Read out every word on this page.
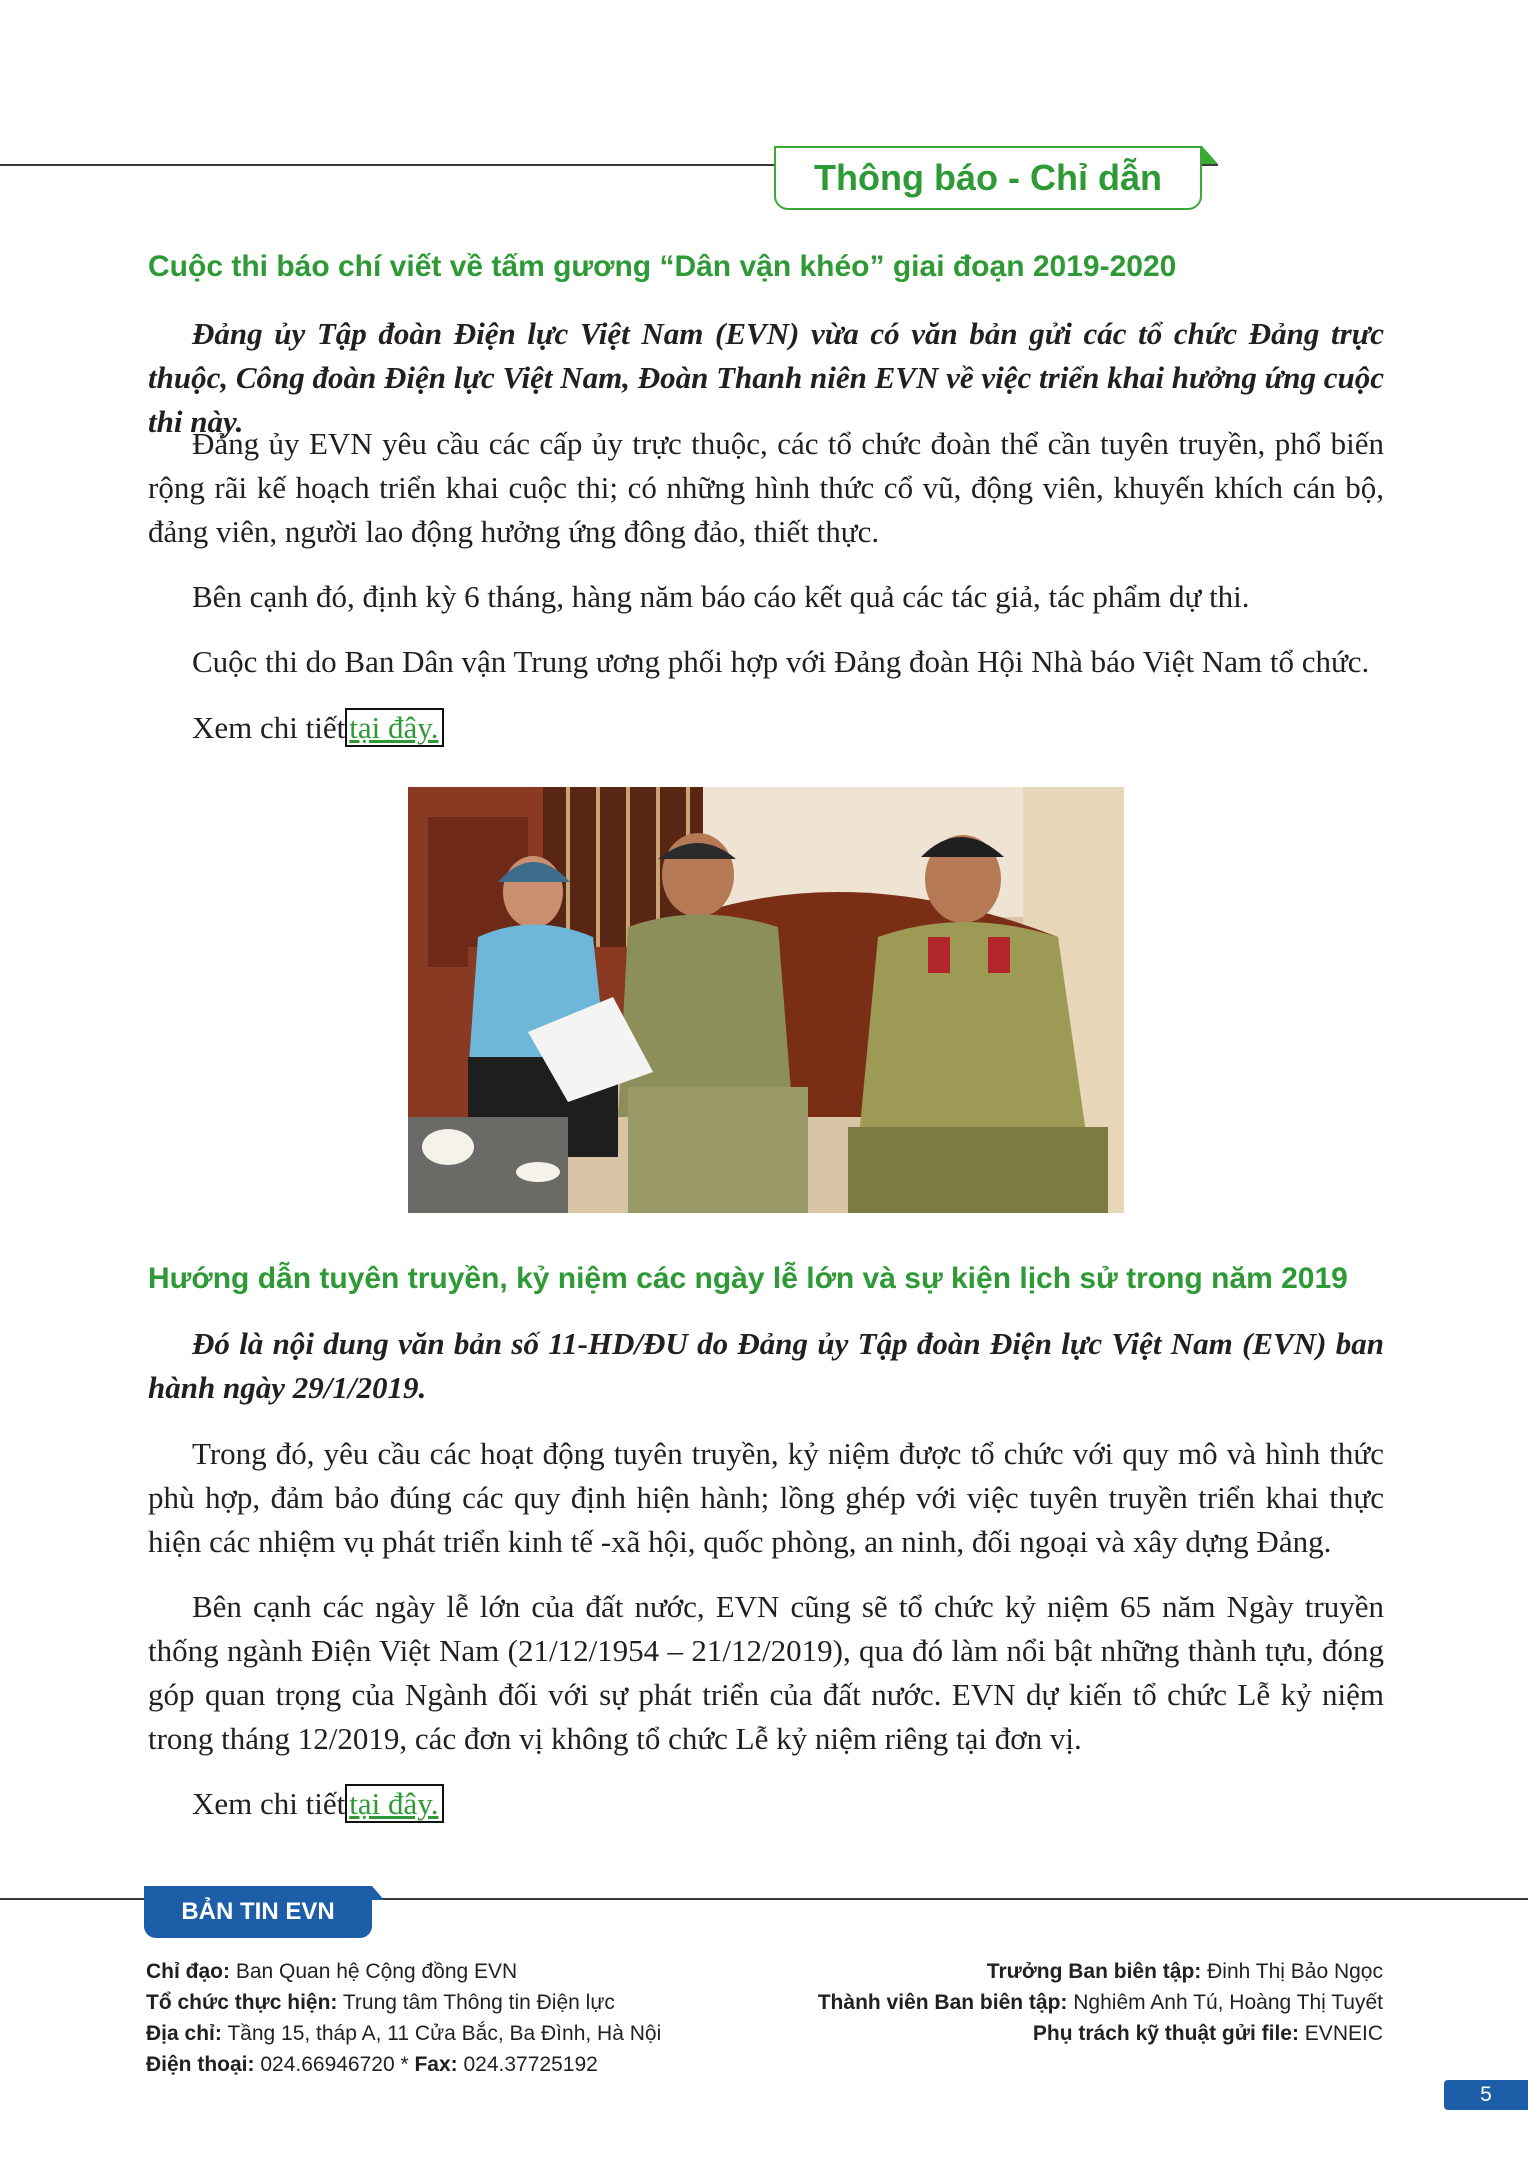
Thông báo - Chỉ dẫn
Cuộc thi báo chí viết về tấm gương “Dân vận khéo” giai đoạn 2019-2020

Đảng ủy Tập đoàn Điện lực Việt Nam (EVN) vừa có văn bản gửi các tổ chức Đảng trực thuộc, Công đoàn Điện lực Việt Nam, Đoàn Thanh niên EVN về việc triển khai hưởng ứng cuộc thi này.

Đảng ủy EVN yêu cầu các cấp ủy trực thuộc, các tổ chức đoàn thể cần tuyên truyền, phổ biến rộng rãi kế hoạch triển khai cuộc thi; có những hình thức cổ vũ, động viên, khuyến khích cán bộ, đảng viên, người lao động hưởng ứng đông đảo, thiết thực.

Bên cạnh đó, định kỳ 6 tháng, hàng năm báo cáo kết quả các tác giả, tác phẩm dự thi.

Cuộc thi do Ban Dân vận Trung ương phối hợp với Đảng đoàn Hội Nhà báo Việt Nam tổ chức.

Xem chi tiết tại đây.

Hướng dẫn tuyên truyền, kỷ niệm các ngày lễ lớn và sự kiện lịch sử trong năm 2019

Đó là nội dung văn bản số 11-HD/ĐU do Đảng ủy Tập đoàn Điện lực Việt Nam (EVN) ban hành ngày 29/1/2019.

Trong đó, yêu cầu các hoạt động tuyên truyền, kỷ niệm được tổ chức với quy mô và hình thức phù hợp, đảm bảo đúng các quy định hiện hành; lồng ghép với việc tuyên truyền triển khai thực hiện các nhiệm vụ phát triển kinh tế -xã hội, quốc phòng, an ninh, đối ngoại và xây dựng Đảng.

Bên cạnh các ngày lễ lớn của đất nước, EVN cũng sẽ tổ chức kỷ niệm 65 năm Ngày truyền thống ngành Điện Việt Nam (21/12/1954 – 21/12/2019), qua đó làm nổi bật những thành tựu, đóng góp quan trọng của Ngành đối với sự phát triển của đất nước. EVN dự kiến tổ chức Lễ kỷ niệm trong tháng 12/2019, các đơn vị không tổ chức Lễ kỷ niệm riêng tại đơn vị.

Xem chi tiết tại đây.

BẢN TIN EVN
Chỉ đạo: Ban Quan hệ Cộng đồng EVN
Tổ chức thực hiện: Trung tâm Thông tin Điện lực
Địa chỉ: Tầng 15, tháp A, 11 Cửa Bắc, Ba Đình, Hà Nội
Điện thoại: 024.66946720 * Fax: 024.37725192
Trưởng Ban biên tập: Đinh Thị Bảo Ngọc
Thành viên Ban biên tập: Nghiêm Anh Tú, Hoàng Thị Tuyết
Phụ trách kỹ thuật gửi file: EVNEIC
5
